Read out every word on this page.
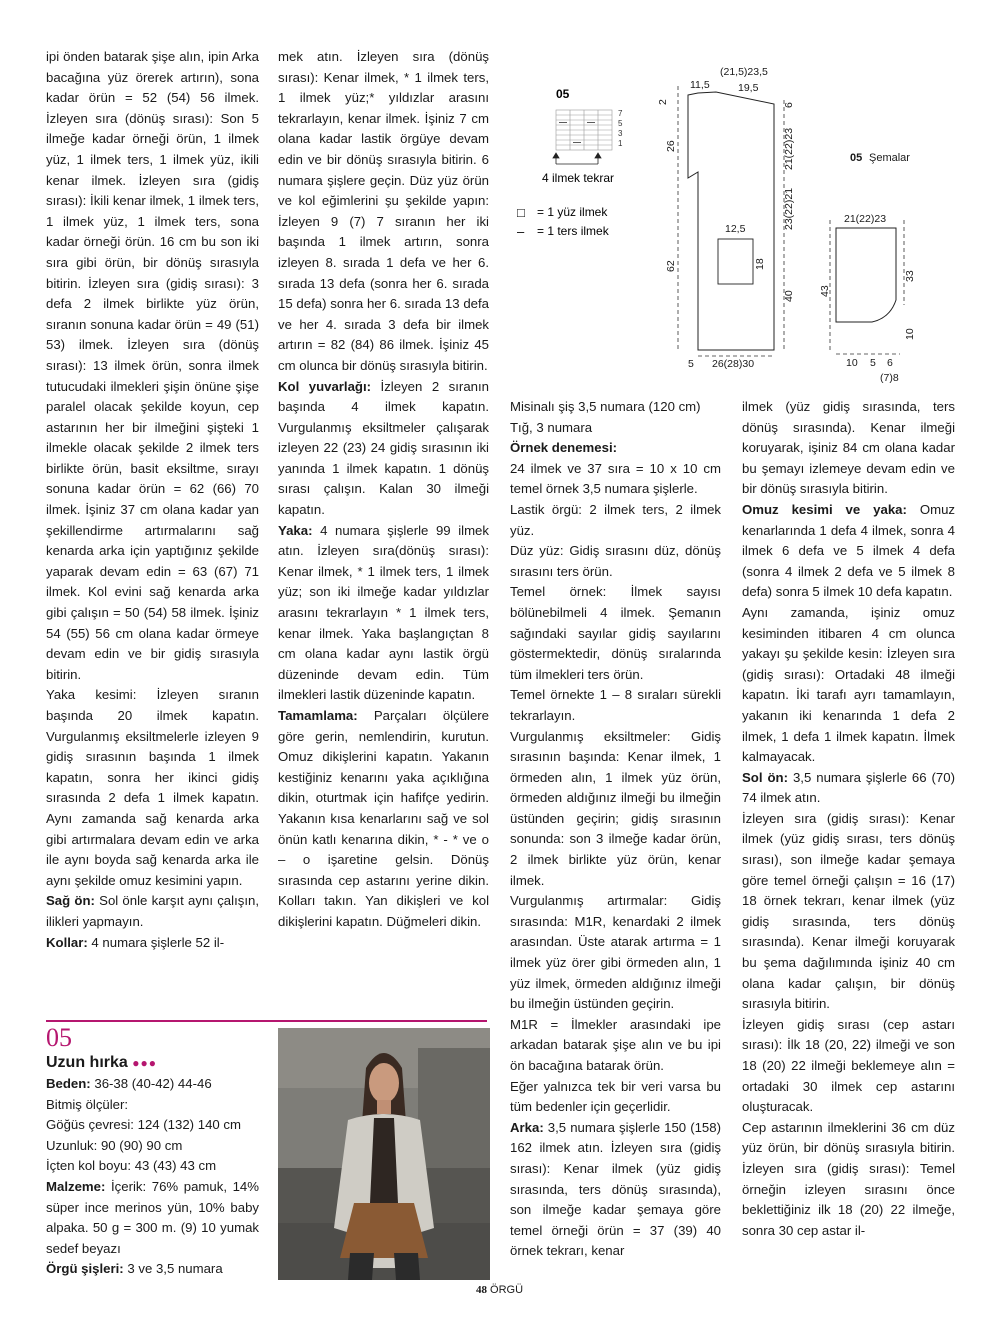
ipi önden batarak şişe alın, ipin Arka bacağına yüz örerek artırın), sona kadar örün = 52 (54) 56 ilmek. İzleyen sıra (dönüş sırası): Son 5 ilmeğe kadar örneği örün, 1 ilmek yüz, 1 ilmek ters, 1 ilmek yüz, ikili kenar ilmek. İzleyen sıra (gidiş sırası): İkili kenar ilmek, 1 ilmek ters, 1 ilmek yüz, 1 ilmek ters, sona kadar örneği örün. 16 cm bu son iki sıra gibi örün, bir dönüş sırasıyla bitirin. İzleyen sıra (gidiş sırası): 3 defa 2 ilmek birlikte yüz örün, sıranın sonuna kadar örün = 49 (51) 53) ilmek. İzleyen sıra (dönüş sırası): 13 ilmek örün, sonra ilmek tutucudaki ilmekleri şişin önüne şişe paralel olacak şekilde koyun, cep astarının her bir ilmeğini şişteki 1 ilmekle olacak şekilde 2 ilmek ters birlikte örün, basit eksiltme, sırayı sonuna kadar örün = 62 (66) 70 ilmek. İşiniz 37 cm olana kadar yan şekillendirme artırmalarını sağ kenarda arka için yaptığınız şekilde yaparak devam edin = 63 (67) 71 ilmek. Kol evini sağ kenarda arka gibi çalışın = 50 (54) 58 ilmek. İşiniz 54 (55) 56 cm olana kadar örmeye devam edin ve bir gidiş sırasıyla bitirin.

Yaka kesimi: İzleyen sıranın başında 20 ilmek kapatın. Vurgulanmış eksiltmelerle izleyen 9 gidiş sırasının başında 1 ilmek kapatın, sonra her ikinci gidiş sırasında 2 defa 1 ilmek kapatın. Aynı zamanda sağ kenarda arka gibi artırmalara devam edin ve arka ile aynı boyda sağ kenarda arka ile aynı şekilde omuz kesimini yapın.

Sağ ön: Sol önle karşıt aynı çalışın, ilikleri yapmayın.

Kollar: 4 numara şişlerle 52 il-

mek atın. İzleyen sıra (dönüş sırası): Kenar ilmek, * 1 ilmek ters, 1 ilmek yüz;* yıldızlar arasını tekrarlayın, kenar ilmek. İşiniz 7 cm olana kadar lastik örgüye devam edin ve bir dönüş sırasıyla bitirin. 6 numara şişlere geçin. Düz yüz örün ve kol eğimlerini şu şekilde yapın: İzleyen 9 (7) 7 sıranın her iki başında 1 ilmek artırın, sonra izleyen 8. sırada 1 defa ve her 6. sırada 13 defa (sonra her 6. sırada 15 defa) sonra her 6. sırada 13 defa ve her 4. sırada 3 defa bir ilmek artırın = 82 (84) 86 ilmek. İşiniz 45 cm olunca bir dönüş sırasıyla bitirin.

Kol yuvarlağı: İzleyen 2 sıranın başında 4 ilmek kapatın. Vurgulanmış eksiltmeler çalışarak izleyen 22 (23) 24 gidiş sırasının iki yanında 1 ilmek kapatın. 1 dönüş sırası çalışın. Kalan 30 ilmeği kapatın.

Yaka: 4 numara şişlerle 99 ilmek atın. İzleyen sıra(dönüş sırası): Kenar ilmek, * 1 ilmek ters, 1 ilmek yüz; son iki ilmeğe kadar yıldızlar arasını tekrarlayın * 1 ilmek ters, kenar ilmek. Yaka başlangıçtan 8 cm olana kadar aynı lastik örgü düzeninde devam edin. Tüm ilmekleri lastik düzeninde kapatın.

Tamamlama: Parçaları ölçülere göre gerin, nemlendirin, kurutun. Omuz dikişlerini kapatın. Yakanın kestiğiniz kenarını yaka açıklığına dikin, oturtmak için hafifçe yedirin. Yakanın kısa kenarlarını sağ ve sol önün katlı kenarına dikin, * - * ve o – o işaretine gelsin. Dönüş sırasında cep astarını yerine dikin. Kolları takın. Yan dikişleri ve kol dikişlerini kapatın. Düğmeleri dikin.

05
Uzun hırka ●●●

Beden: 36-38 (40-42) 44-46

Bitmiş ölçüler:

Göğüs çevresi: 124 (132) 140 cm

Uzunluk: 90 (90) 90 cm

İçten kol boyu: 43 (43) 43 cm

Malzeme: İçerik: 76% pamuk, 14% süper ince merinos yün, 10% baby alpaka. 50 g = 300 m. (9) 10 yumak sedef beyazı

Örgü şişleri: 3 ve 3,5 numara

05
7
5
3
1
4 ilmek tekrar
□ = 1 yüz ilmek
– = 1 ters ilmek
05 Şemalar
(21,5)23,5
11,5	19,5
2
6
26	21(22)23
12,5
18
62
23(22)21
40
5 26(28)30
21(22)23
43
33
10
10 5 6
(7)8

Misinalı şiş 3,5 numara (120 cm)

Tığ, 3 numara

Örnek denemesi:

24 ilmek ve 37 sıra = 10 x 10 cm temel örnek 3,5 numara şişlerle.

Lastik örgü: 2 ilmek ters, 2 ilmek yüz.

Düz yüz: Gidiş sırasını düz, dönüş sırasını ters örün.

Temel örnek: İlmek sayısı bölünebilmeli 4 ilmek. Şemanın sağındaki sayılar gidiş sayılarını göstermektedir, dönüş sıralarında tüm ilmekleri ters örün.

Temel örnekte 1 – 8 sıraları sürekli tekrarlayın.

Vurgulanmış eksiltmeler: Gidiş sırasının başında: Kenar ilmek, 1 örmeden alın, 1 ilmek yüz örün, örmeden aldığınız ilmeği bu ilmeğin üstünden geçirin; gidiş sırasının sonunda: son 3 ilmeğe kadar örün, 2 ilmek birlikte yüz örün, kenar ilmek.

Vurgulanmış artırmalar: Gidiş sırasında: M1R, kenardaki 2 ilmek arasından. Üste atarak artırma = 1 ilmek yüz örer gibi örmeden alın, 1 yüz ilmek, örmeden aldığınız ilmeği bu ilmeğin üstünden geçirin.

M1R = İlmekler arasındaki ipe arkadan batarak şişe alın ve bu ipi ön bacağına batarak örün.

Eğer yalnızca tek bir veri varsa bu tüm bedenler için geçerlidir.

Arka: 3,5 numara şişlerle 150 (158) 162 ilmek atın. İzleyen sıra (gidiş sırası): Kenar ilmek (yüz gidiş sırasında, ters dönüş sırasında), son ilmeğe kadar şemaya göre temel örneği örün = 37 (39) 40 örnek tekrarı, kenar

ilmek (yüz gidiş sırasında, ters dönüş sırasında). Kenar ilmeği koruyarak, işiniz 84 cm olana kadar bu şemayı izlemeye devam edin ve bir dönüş sırasıyla bitirin.

Omuz kesimi ve yaka: Omuz kenarlarında 1 defa 4 ilmek, sonra 4 ilmek 6 defa ve 5 ilmek 4 defa (sonra 4 ilmek 2 defa ve 5 ilmek 8 defa) sonra 5 ilmek 10 defa kapatın.

Aynı zamanda, işiniz omuz kesiminden itibaren 4 cm olunca yakayı şu şekilde kesin: İzleyen sıra (gidiş sırası): Ortadaki 48 ilmeği kapatın. İki tarafı ayrı tamamlayın, yakanın iki kenarında 1 defa 2 ilmek, 1 defa 1 ilmek kapatın. İlmek kalmayacak.

Sol ön: 3,5 numara şişlerle 66 (70) 74 ilmek atın.

İzleyen sıra (gidiş sırası): Kenar ilmek (yüz gidiş sırası, ters dönüş sırası), son ilmeğe kadar şemaya göre temel örneği çalışın = 16 (17) 18 örnek tekrarı, kenar ilmek (yüz gidiş sırasında, ters dönüş sırasında). Kenar ilmeği koruyarak bu şema dağılımında işiniz 40 cm olana kadar çalışın, bir dönüş sırasıyla bitirin.

İzleyen gidiş sırası (cep astarı sırası): İlk 18 (20, 22) ilmeği ve son 18 (20) 22 ilmeği beklemeye alın = ortadaki 30 ilmek cep astarını oluşturacak.

Cep astarının ilmeklerini 36 cm düz yüz örün, bir dönüş sırasıyla bitirin. İzleyen sıra (gidiş sırası): Temel örneğin izleyen sırasını önce beklettiğiniz ilk 18 (20) 22 ilmeğe, sonra 30 cep astar il-

48 ÖRGÜ
